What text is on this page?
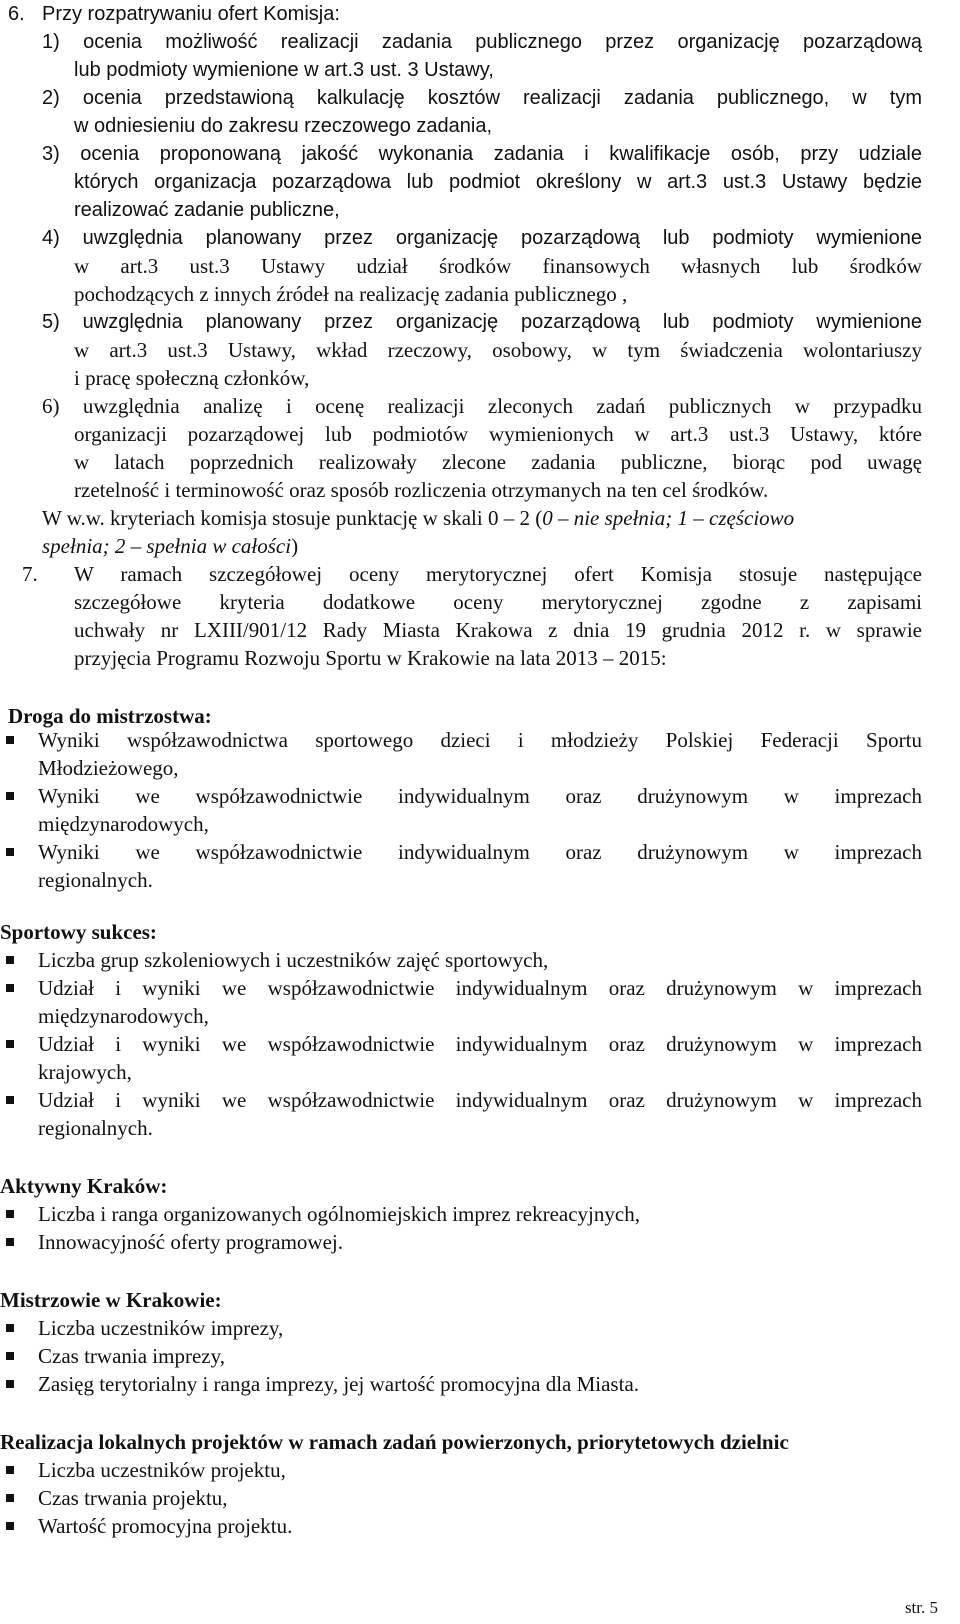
6. Przy rozpatrywaniu ofert Komisja:
1) ocenia możliwość realizacji zadania publicznego przez organizację pozarządową
lub podmioty wymienione w art.3 ust. 3 Ustawy,
2) ocenia przedstawioną kalkulację kosztów realizacji zadania publicznego, w tym
w odniesieniu do zakresu rzeczowego zadania,
3) ocenia proponowaną jakość wykonania zadania i kwalifikacje osób, przy udziale
których organizacja pozarządowa lub podmiot określony w art.3 ust.3 Ustawy będzie
realizować zadanie publiczne,
4) uwzględnia planowany przez organizację pozarządową lub podmioty wymienione
w art.3 ust.3 Ustawy udział środków finansowych własnych lub środków
pochodzących z innych źródeł na realizację zadania publicznego ,
5) uwzględnia planowany przez organizację pozarządową lub podmioty wymienione
w art.3 ust.3 Ustawy, wkład rzeczowy, osobowy, w tym świadczenia wolontariuszy
i pracę społeczną członków,
6) uwzględnia analizę i ocenę realizacji zleconych zadań publicznych w przypadku
organizacji pozarządowej lub podmiotów wymienionych w art.3 ust.3 Ustawy, które
w latach poprzednich realizowały zlecone zadania publiczne, biorąc pod uwagę
rzetelność i terminowość oraz sposób rozliczenia otrzymanych na ten cel środków.
W w.w. kryteriach komisja stosuje punktację w skali 0 – 2 (0 – nie spełnia; 1 – częściowo
spełnia; 2 – spełnia w całości)
7. W ramach szczegółowej oceny merytorycznej ofert Komisja stosuje następujące
szczegółowe kryteria dodatkowe oceny merytorycznej zgodne z zapisami
uchwały nr LXIII/901/12 Rady Miasta Krakowa z dnia 19 grudnia 2012 r. w sprawie
przyjęcia Programu Rozwoju Sportu w Krakowie na lata 2013 – 2015:
Droga do mistrzostwa:
Wyniki współzawodnictwa sportowego dzieci i młodzieży Polskiej Federacji Sportu
Młodzieżowego,
Wyniki we współzawodnictwie indywidualnym oraz drużynowym w imprezach
międzynarodowych,
Wyniki we współzawodnictwie indywidualnym oraz drużynowym w imprezach
regionalnych.
Sportowy sukces:
Liczba grup szkoleniowych i uczestników zajęć sportowych,
Udział i wyniki we współzawodnictwie indywidualnym oraz drużynowym w imprezach
międzynarodowych,
Udział i wyniki we współzawodnictwie indywidualnym oraz drużynowym w imprezach
krajowych,
Udział i wyniki we współzawodnictwie indywidualnym oraz drużynowym w imprezach
regionalnych.
Aktywny Kraków:
Liczba i ranga organizowanych ogólnomiejskich imprez rekreacyjnych,
Innowacyjność oferty programowej.
Mistrzowie w Krakowie:
Liczba uczestników imprezy,
Czas trwania imprezy,
Zasięg terytorialny i ranga imprezy, jej wartość promocyjna dla Miasta.
Realizacja lokalnych projektów w ramach zadań powierzonych, priorytetowych dzielnic
Liczba uczestników projektu,
Czas trwania projektu,
Wartość promocyjna projektu.
str. 5
